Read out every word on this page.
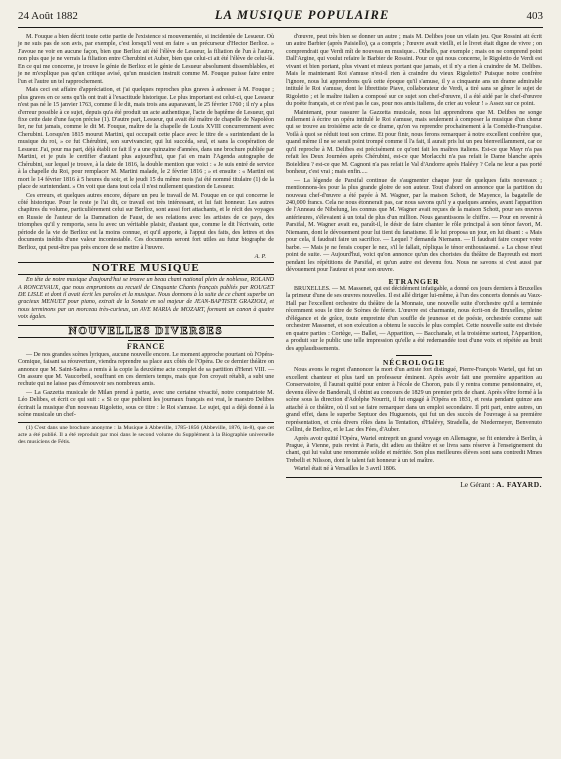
24 Août 1882	LA MUSIQUE POPULAIRE	403

M. Fouque a bien décrit toute cette partie de l'existence si mouvementée, si incidentée de Lesueur. Où je ne suis pas de son avis, par exemple, c'est lorsqu'il veut en faire « un précurseur d'Hector Berlioz. » J'avoue ne voir en aucune façon, bien que Berlioz ait été l'élève de Lesueur, la filiation de l'un à l'autre, non plus que je ne verrais la filiation entre Cherubini et Auber, bien que celui-ci ait été l'élève de celui-là. En ce qui me concerne, je trouve le génie de Berlioz et le génie de Lesueur absolument dissemblables, et je ne m'explique pas qu'un critique avisé, qu'un musicien instruit comme M. Fouque puisse faire entre l'un et l'autre un tel rapprochement.

Mais ceci est affaire d'appréciation, et j'ai quelques reproches plus graves à adresser à M. Fouque ; plus graves en ce sens qu'ils ont trait à l'exactitude historique. Le plus important est celui-ci, que Lesueur n'est pas né le 15 janvier 1763, comme il le dit, mais trois ans auparavant, le 25 février 1760 ; il n'y a plus d'erreur possible à ce sujet, depuis qu'a été produit un acte authentique, l'acte de baptême de Lesueur, qui fixe cette date d'une façon précise (1). D'autre part, Lesueur, qui avait été maître de chapelle de Napoléon Ier, ne fut jamais, comme le dit M. Fouque, maître de la chapelle de Louis XVIII concurremment avec Cherubini. Lorsqu'en 1815 mourut Martini, qui occupait cette place avec le titre de « surintendant de la musique du roi, » ce fut Chérubini, son survivancier, qui lui succéda, seul, et sans la coopération de Lesueur. J'ai, pour ma part, déjà établi ce fait il y a une quinzaine d'années, dans une brochure publiée par Martini, et je puis le certifier d'autant plus aujourd'hui, que j'ai en main l'Agenda autographe de Chérubini, sur lequel je trouve, à la date de 1816, la double mention que voici : « Je suis entré de service à la chapelle du Roi, pour remplacer M. Martini malade, le 2 février 1816 ; » et ensuite : « Martini est mort le 14 février 1816 à 5 heures du soir, et le jeudi 15 du même mois j'ai été nommé titulaire (1) de la place de surintendant. » On voit que dans tout cela il n'est nullement question de Lesueur.

Ces erreurs, et quelques autres encore, dépare un peu le travail de M. Fouque en ce qui concerne le côté historique. Pour le reste je l'ai dit, ce travail est très intéressant, et lui fait honneur. Les autres chapitres du volume, particulièrement celui sur Berlioz, sont aussi fort attachants, et le récit des voyages en Russie de l'auteur de la Damnation de Faust, de ses relations avec les artistes de ce pays, des triomphes qu'il y remporta, sera lu avec un véritable plaisir, d'autant que, comme le dit l'écrivain, cette période de la vie de Berlioz est la moins connue, et qu'il apporte, à l'appui des faits, des lettres et des documents inédits d'une valeur incontestable. Ces documents seront fort utiles au futur biographe de Berlioz, qui peut-être pas près encore de se mettre à l'œuvre.

A. P.
NOTRE MUSIQUE

En tête de notre musique d'aujourd'hui se trouve un beau chant national plein de noblesse, ROLAND A RONCEVAUX, que nous empruntons au recueil de Cinquante Chants français publiés par ROUGET DE LISLE et dont il avait écrit les paroles et la musique. Nous donnons à la suite de ce chant superbe un gracieux MENUET pour piano, extrait de la Sonate en sol majeur de JEAN-BAPTISTE GRAZIOLI, et nous terminons par un morceau très-curieux, un AVE MARIA de MOZART, formant un canon à quatre voix égales.

NOUVELLES DIVERSES
FRANCE

— De nos grandes scènes lyriques, aucune nouvelle encore. Le moment approche pourtant où l'Opéra-Comique, faisant sa réouverture, viendra reprendre sa place aux côtés de l'Opéra. De ce dernier théâtre on annonce que M. Saint-Saëns a remis à la copie la deuxième acte complet de sa partition d'Henri VIII. — On assure que M. Vaucorbeil, souffrant en ces derniers temps, mais que l'on croyait rétabli, a subi une rechute qui ne laisse pas d'émouvoir ses nombreux amis.

— La Gazzetta musicale de Milan prend à partie, avec une certaine vivacité, notre compatriote M. Léo Delibes, et écrit ce qui suit : « Si ce que publient les journaux français est vrai, le maestro Delibes écrirait la musique d'un nouveau Rigoletto, sous ce titre : le Roi s'amuse. Le sujet, qui a déjà donné à la scène musicale un chef-

(1) C'est dans une brochure anonyme : la Musique à Abbeville, 1785-1856 (Abbeville, 1876, in-8), que cet acte a été publié. Il a été reproduit par moi dans le second volume du Supplément à la Biographie universelle des musiciens de Fétis.

d'œuvre, peut très bien se donner un autre ; mais M. Delibes joue un vilain jeu. Que Rossini ait écrit un autre Barbier (après Paisiello), ça a compris ; l'œuvre avait vieilli, et le livret était digne de vivre ; on comprendrait que Verdi mît de nouveau en musique... Othello, par exemple ; mais on ne comprend point Dall'Argine, qui voulut refaire le Barbier de Rossini. Pour ce qui nous concerne, le Rigoletto de Verdi est vivant et bien portant, plus vivant et mieux portant que jamais, et il n'y a rien à craindre de M. Delibes. Mais le maintenant Roi s'amuse n'est-il rien à craindre du vieux Rigoletto? Puisque notre confrère l'ignore, nous lui apprendrons qu'à cette époque qu'il s'amuse, il y a cinquante ans un drame admirable intitulé le Roi s'amuse, dont le librettiste Piave, collaborateur de Verdi, a tiré sans se gêner le sujet de Rigoletto ; et le maître italien a composé sur ce sujet son chef-d'œuvre, il a été aidé par le chef-d'œuvre du poète français, et ce n'est pas le cas, pour nos amis italiens, de crier au voleur ! » Assez sur ce point.

Maintenant, pour rassurer la Gazzetta musicale, nous lui apprendrons que M. Delibes ne songe nullement à écrire un opéra intitulé le Roi s'amuse, mais seulement à composer la musique d'un chœur qui se trouve au troisième acte de ce drame, qu'on va reprendre prochainement à la Comédie-Française. Voilà à quoi se réduit tout son crime. Et pour finir, nous ferons remarquer à notre excellent confrère que, quand même il ne se serait point trompé comme il l'a fait, il aurait pris lui un peu bienveillamment, car ce qu'il reproche à M. Delibes est précisément ce qu'ont fait les maîtres italiens. Est-ce que Mayr n'a pas refait les Deux Journées après Chérubini, est-ce que Morlacchi n'a pas refait le Dame blanche après Boieldieu ? est-ce que M. Cagnoni n'a pas refait le Val d'Andorre après Halévy ? Cela ne leur a pas porté bonheur, c'est vrai ; mais enfin.....

— La légende de Parsifal continue de s'augmenter chaque jour de quelques faits nouveaux ; mentionnons-les pour la plus grande gloire de son auteur. Tout d'abord on annonce que la partition du nouveau chef-d'œuvre a été payée à M. Wagner, par la maison Schott, de Mayence, la bagatelle de 240,000 francs. Cela ne nous étonnerait pas, car nous savons qu'il y a quelques années, avant l'apparition de l'Anneau de Nibelung, les connus que M. Wagner avait reçues de la maison Schott, pour ses œuvres antérieures, s'élevaient à un total de plus d'un million. Nous garantissons le chiffre. — Pour en revenir à Parsifal, M. Wagner avait eu, paraît-il, le désir de faire chanter le rôle principal à son ténor favori, M. Niemann, dont le dévouement pour lui tient du fanatisme. Il le lui proposa un jour, en lui disant : « Mais pour cela, il faudrait faire un sacrifice. — Lequel ? demanda Niemann. — Il faudrait faire couper votre barbe. — Mais je ne ferais couper le nez, s'il le fallait, répliqua le ténor enthousiasmé. » La chose n'eut point de suite. — Aujourd'hui, voici qu'on annonce qu'un des choristes du théâtre de Bayreuth est mort pendant les répétitions de Parsifal, et qu'un autre est devenu fou. Nous ne savons si c'est aussi par dévouement pour l'auteur et pour son œuvre.

ETRANGER

BRUXELLES. — M. Massenet, qui est décidément infatigable, a donné ces jours derniers à Bruxelles la primeur d'une de ses œuvres nouvelles. Il est allé diriger lui-même, à l'un des concerts donnés au Vaux-Hall par l'excellent orchestre du théâtre de la Monnaie, une nouvelle suite d'orchestre qu'il a terminée récemment sous le titre de Scènes de féerie. L'œuvre est charmante, nous écrit-on de Bruxelles, pleine d'élégance et de grâce, toute empreinte d'un souffle de jeunesse et de poésie, orchestrée comme sait orchestrer Massenet, et son exécution a obtenu le succès le plus complet. Cette nouvelle suite est divisée en quatre parties : Cortège, — Ballet, — Apparition, — Bacchanale, et la troisième surtout, l'Apparition, a produit sur le public une telle impression qu'elle a été redemandée tout d'une voix et répétée au bruit des applaudissements.

NÉCROLOGIE

Nous avons le regret d'annoncer la mort d'un artiste fort distingué, Pierre-François Wartel, qui fut un excellent chanteur et plus tard un professeur éminent. Après avoir fait une première apparition au Conservatoire, il l'aurait quitté pour entrer à l'école de Choron, puis il y rentra comme pensionnaire, et, devenu élève de Banderali, il obtint au concours de 1829 un premier prix de chant. Après s'être formé à la scène sous la direction d'Adolphe Nourrit, il fut engagé à l'Opéra en 1831, et resta pendant quinze ans attaché à ce théâtre, où il sut se faire remarquer dans un emploi secondaire. Il prit part, entre autres, un grand effet, dans le superbe Septuor des Huguenots, qui fut un des succès de l'ouvrage à sa première représentation, et créa divers rôles dans la Tentation, d'Halévy, Stradella, de Niedermeyer, Benvenuto Cellini, de Berlioz, et le Lac des Fées, d'Auber.

Après avoir quitté l'Opéra, Wartel entreprit un grand voyage en Allemagne, se fit entendre à Berlin, à Prague, à Vienne, puis revint à Paris, dit adieu au théâtre et se livra sans réserve à l'enseignement du chant, qui lui valut une renommée solide et méritée. Son plus meilleures élèves sont sans contredit Mmes Trebelli et Nilsson, dont le talent fait honneur à un tel maître.

Wartel était né à Versailles le 3 avril 1806.

Le Gérant : A. FAYARD.
